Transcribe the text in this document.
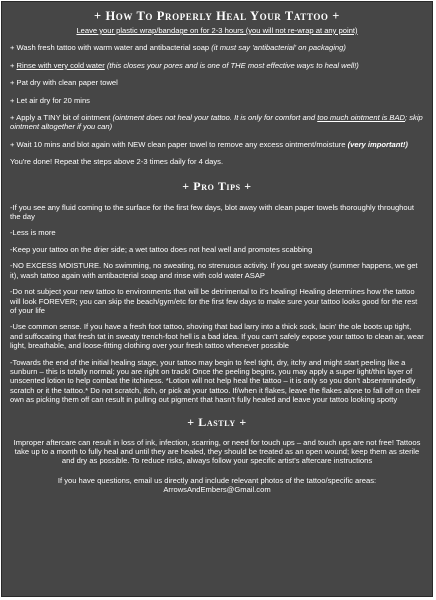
+ How To Properly Heal Your Tattoo +
Leave your plastic wrap/bandage on for 2-3 hours (you will not re-wrap at any point)
+ Wash fresh tattoo with warm water and antibacterial soap (it must say 'antibacterial' on packaging)
+ Rinse with very cold water (this closes your pores and is one of THE most effective ways to heal well!)
+ Pat dry with clean paper towel
+ Let air dry for 20 mins
+ Apply a TINY bit of ointment (ointment does not heal your tattoo. It is only for comfort and too much ointment is BAD; skip ointment altogether if you can)
+ Wait 10 mins and blot again with NEW clean paper towel to remove any excess ointment/moisture (very important!)
You're done! Repeat the steps above 2-3 times daily for 4 days.
+ Pro Tips +
-If you see any fluid coming to the surface for the first few days, blot away with clean paper towels thoroughly throughout the day
-Less is more
-Keep your tattoo on the drier side; a wet tattoo does not heal well and promotes scabbing
-NO EXCESS MOISTURE. No swimming, no sweating, no strenuous activity. If you get sweaty (summer happens, we get it), wash tattoo again with antibacterial soap and rinse with cold water ASAP
-Do not subject your new tattoo to environments that will be detrimental to it's healing! Healing determines how the tattoo will look FOREVER; you can skip the beach/gym/etc for the first few days to make sure your tattoo looks good for the rest of your life
-Use common sense. If you have a fresh foot tattoo, shoving that bad larry into a thick sock, lacin' the ole boots up tight, and suffocating that fresh tat in sweaty trench-foot hell is a bad idea. If you can't safely expose your tattoo to clean air, wear light, breathable, and loose-fitting clothing over your fresh tattoo whenever possible
-Towards the end of the initial healing stage, your tattoo may begin to feel tight, dry, itchy and might start peeling like a sunburn – this is totally normal; you are right on track! Once the peeling begins, you may apply a super light/thin layer of unscented lotion to help combat the itchiness. *Lotion will not help heal the tattoo – it is only so you don't absentmindedly scratch or it the tattoo.* Do not scratch, itch, or pick at your tattoo. If/when it flakes, leave the flakes alone to fall off on their own as picking them off can result in pulling out pigment that hasn't fully healed and leave your tattoo looking spotty
+ Lastly +
Improper aftercare can result in loss of ink, infection, scarring, or need for touch ups – and touch ups are not free! Tattoos take up to a month to fully heal and until they are healed, they should be treated as an open wound; keep them as sterile and dry as possible. To reduce risks, always follow your specific artist's aftercare instructions
If you have questions, email us directly and include relevant photos of the tattoo/specific areas:
ArrowsAndEmbers@Gmail.com
